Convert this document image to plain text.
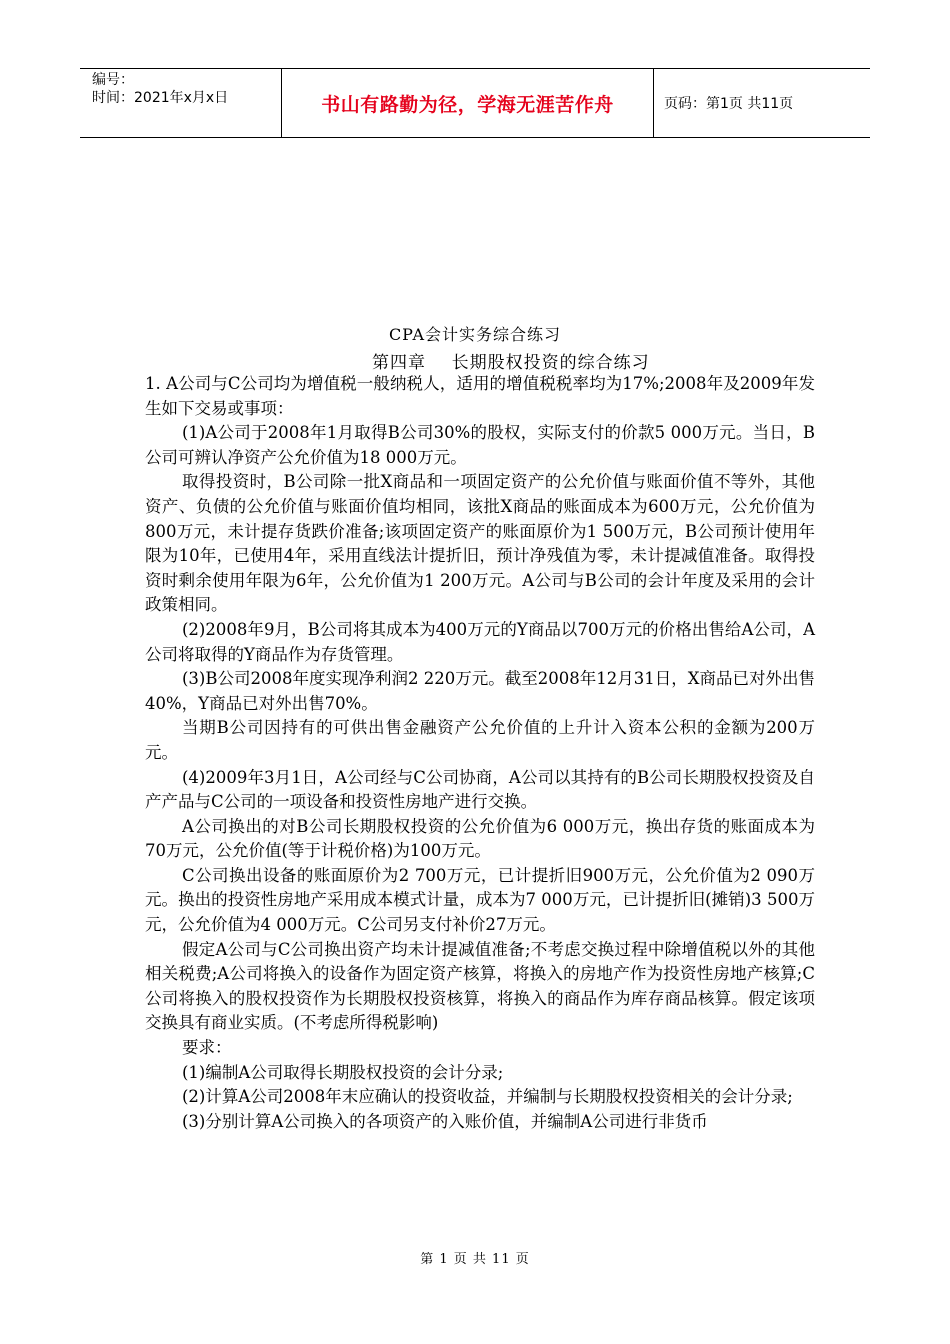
编号：
时间：2021年x月x日	书山有路勤为径，学海无涯苦作舟	页码：第1页 共11页
CPA会计实务综合练习
第四章    长期股权投资的综合练习

1. A公司与C公司均为增值税一般纳税人，适用的增值税税率均为17%;2008年及2009年发生如下交易或事项：

(1)A公司于2008年1月取得B公司30%的股权，实际支付的价款5 000万元。当日，B公司可辨认净资产公允价值为18 000万元。

取得投资时，B公司除一批X商品和一项固定资产的公允价值与账面价值不等外，其他资产、负债的公允价值与账面价值均相同，该批X商品的账面成本为600万元，公允价值为800万元，未计提存货跌价准备;该项固定资产的账面原价为1 500万元，B公司预计使用年限为10年，已使用4年，采用直线法计提折旧，预计净残值为零，未计提减值准备。取得投资时剩余使用年限为6年，公允价值为1 200万元。A公司与B公司的会计年度及采用的会计政策相同。

(2)2008年9月，B公司将其成本为400万元的Y商品以700万元的价格出售给A公司，A公司将取得的Y商品作为存货管理。

(3)B公司2008年度实现净利润2 220万元。截至2008年12月31日，X商品已对外出售40%，Y商品已对外出售70%。

当期B公司因持有的可供出售金融资产公允价值的上升计入资本公积的金额为200万元。

(4)2009年3月1日，A公司经与C公司协商，A公司以其持有的B公司长期股权投资及自产产品与C公司的一项设备和投资性房地产进行交换。

A公司换出的对B公司长期股权投资的公允价值为6 000万元，换出存货的账面成本为70万元，公允价值(等于计税价格)为100万元。

C公司换出设备的账面原价为2 700万元，已计提折旧900万元，公允价值为2 090万元。换出的投资性房地产采用成本模式计量，成本为7 000万元，已计提折旧(摊销)3 500万元，公允价值为4 000万元。C公司另支付补价27万元。

假定A公司与C公司换出资产均未计提减值准备;不考虑交换过程中除增值税以外的其他相关税费;A公司将换入的设备作为固定资产核算，将换入的房地产作为投资性房地产核算;C公司将换入的股权投资作为长期股权投资核算，将换入的商品作为库存商品核算。假定该项交换具有商业实质。(不考虑所得税影响)

要求：

(1)编制A公司取得长期股权投资的会计分录;

(2)计算A公司2008年末应确认的投资收益，并编制与长期股权投资相关的会计分录;

(3)分别计算A公司换入的各项资产的入账价值，并编制A公司进行非货币

第 1 页 共 11 页
